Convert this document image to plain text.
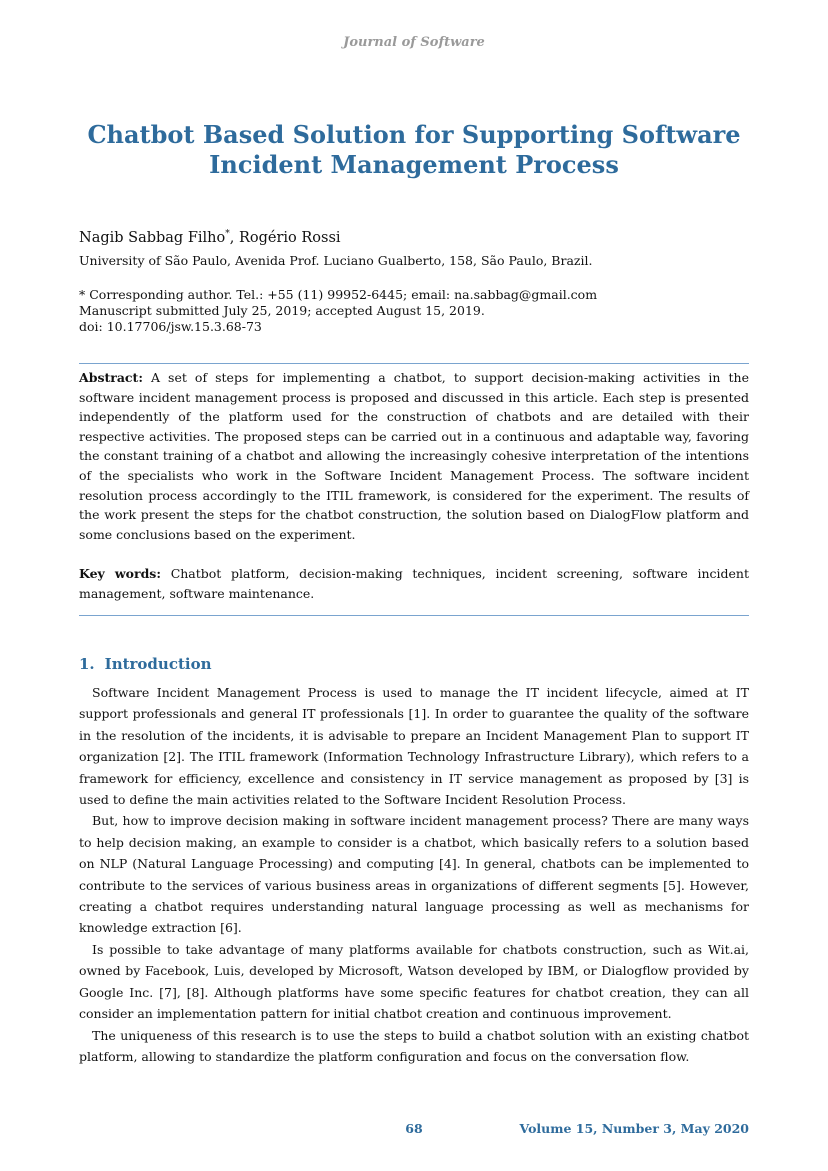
Journal of Software
Chatbot Based Solution for Supporting Software Incident Management Process
Nagib Sabbag Filho*, Rogério Rossi
University of São Paulo, Avenida Prof. Luciano Gualberto, 158, São Paulo, Brazil.
* Corresponding author. Tel.: +55 (11) 99952-6445; email: na.sabbag@gmail.com
Manuscript submitted July 25, 2019; accepted August 15, 2019.
doi: 10.17706/jsw.15.3.68-73

Abstract: A set of steps for implementing a chatbot, to support decision-making activities in the software incident management process is proposed and discussed in this article. Each step is presented independently of the platform used for the construction of chatbots and are detailed with their respective activities. The proposed steps can be carried out in a continuous and adaptable way, favoring the constant training of a chatbot and allowing the increasingly cohesive interpretation of the intentions of the specialists who work in the Software Incident Management Process. The software incident resolution process accordingly to the ITIL framework, is considered for the experiment. The results of the work present the steps for the chatbot construction, the solution based on DialogFlow platform and some conclusions based on the experiment.

Key words: Chatbot platform, decision-making techniques, incident screening, software incident management, software maintenance.

1. Introduction

Software Incident Management Process is used to manage the IT incident lifecycle, aimed at IT support professionals and general IT professionals [1]. In order to guarantee the quality of the software in the resolution of the incidents, it is advisable to prepare an Incident Management Plan to support IT organization [2]. The ITIL framework (Information Technology Infrastructure Library), which refers to a framework for efficiency, excellence and consistency in IT service management as proposed by [3] is used to define the main activities related to the Software Incident Resolution Process.

But, how to improve decision making in software incident management process? There are many ways to help decision making, an example to consider is a chatbot, which basically refers to a solution based on NLP (Natural Language Processing) and computing [4]. In general, chatbots can be implemented to contribute to the services of various business areas in organizations of different segments [5]. However, creating a chatbot requires understanding natural language processing as well as mechanisms for knowledge extraction [6].

Is possible to take advantage of many platforms available for chatbots construction, such as Wit.ai, owned by Facebook, Luis, developed by Microsoft, Watson developed by IBM, or Dialogflow provided by Google Inc. [7], [8]. Although platforms have some specific features for chatbot creation, they can all consider an implementation pattern for initial chatbot creation and continuous improvement.

The uniqueness of this research is to use the steps to build a chatbot solution with an existing chatbot platform, allowing to standardize the platform configuration and focus on the conversation flow.

68	Volume 15, Number 3, May 2020
